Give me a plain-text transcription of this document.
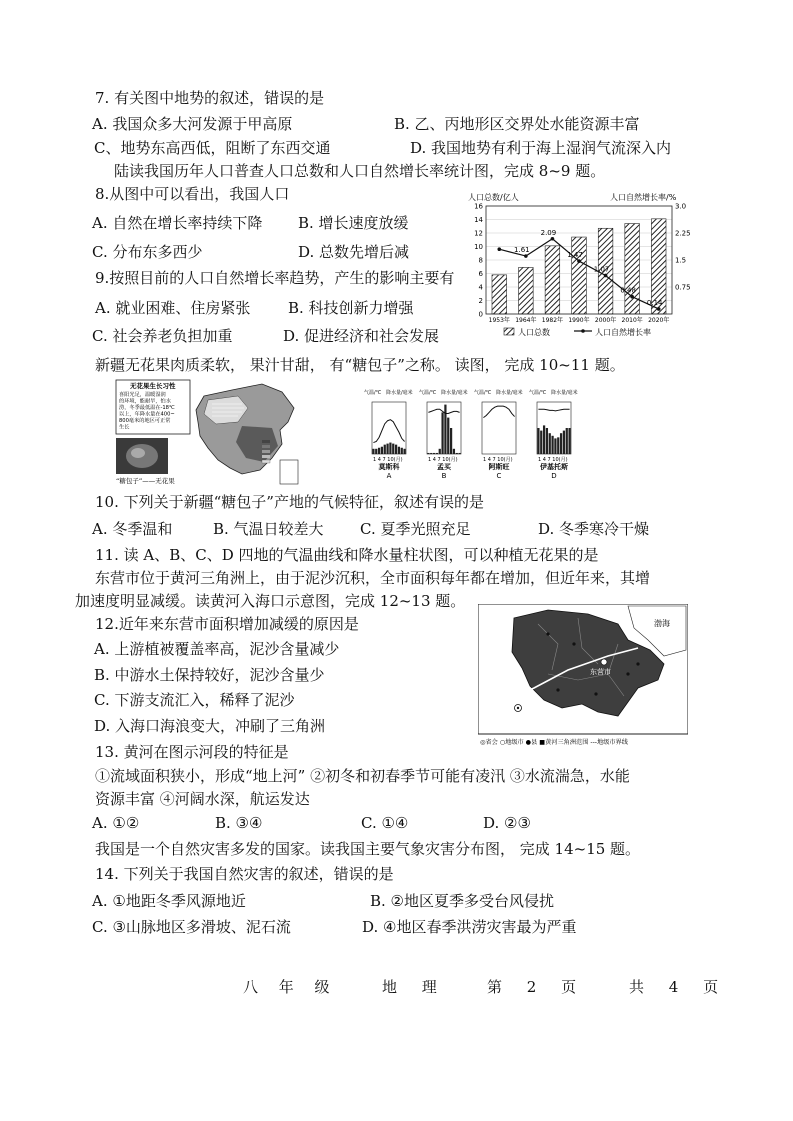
7. 有关图中地势的叙述，错误的是
A. 我国众多大河发源于甲高原	B. 乙、丙地形区交界处水能资源丰富
C、地势东高西低，阻断了东西交通	D. 我国地势有利于海上湿润气流深入内
陆读我国历年人口普查人口总数和人口自然增长率统计图，完成 8~9 题。
8.从图中可以看出，我国人口
A. 自然在增长率持续下降 B. 增长速度放缓
C. 分布东多西少	D. 总数先增后减
9.按照目前的人口自然增长率趋势，产生的影响主要有
A. 就业困难、住房紧张	B. 科技创新力增强
C. 社会养老负担加重	D. 促进经济和社会发展
人口总数/亿人	人口自然增长率/%
0
2
4
6
8
10
12
14
16
0.75
1.5
2.25
3.0
1.61
2.09
1.47
1.07
0.48
0.14
1953年 1964年 1982年 1990年 2000年 2010年 2020年
人口总数	人口自然增长率
新疆无花果肉质柔软， 果汁甘甜， 有“糖包子”之称。 读图， 完成 10~11 题。
无花果生长习性
喜阳光足，温暖湿润
的环境，能耐旱，怕水
涝，冬季最低温在-18℃
以上，年降水量在400~
800毫米的地区可正常
生长
“糖包子”——无花果
气温/℃ 降水量/毫米
1 4 7 10(月)
莫斯科
A
气温/℃ 降水量/毫米
1 4 7 10(月)
孟买
B
气温/℃ 降水量/毫米
1 4 7 10(月)
阿斯旺
C
气温/℃ 降水量/毫米
1 4 7 10(月)
伊基托斯
D
10. 下列关于新疆“糖包子”产地的气候特征，叙述有误的是
A. 冬季温和	B. 气温日较差大 C. 夏季光照充足	D. 冬季寒冷干燥
11. 读 A、B、C、D 四地的气温曲线和降水量柱状图，可以种植无花果的是
东营市位于黄河三角洲上，由于泥沙沉积，全市面积每年都在增加，但近年来，其增
加速度明显减缓。读黄河入海口示意图，完成 12~13 题。
12.近年来东营市面积增加减缓的原因是
A. 上游植被覆盖率高，泥沙含量减少
B. 中游水土保持较好，泥沙含量少
C. 下游支流汇入，稀释了泥沙
D. 入海口海浪变大，冲刷了三角洲
渤海
东营市
◎省会 ○地级市 ●县 ■黄河三角洲范围 ---地级市界线
13. 黄河在图示河段的特征是
①流域面积狭小，形成“地上河” ②初冬和初春季节可能有凌汛 ③水流湍急，水能
资源丰富 ④河阔水深，航运发达
A. ①②	B. ③④	C. ①④	D. ②③
我国是一个自然灾害多发的国家。读我国主要气象灾害分布图， 完成 14~15 题。
14. 下列关于我国自然灾害的叙述，错误的是
A. ①地距冬季风源地近	B. ②地区夏季多受台风侵扰
C. ③山脉地区多滑坡、泥石流	D. ④地区春季洪涝灾害最为严重
八 年 级	地 理	第 2 页	共 4 页
